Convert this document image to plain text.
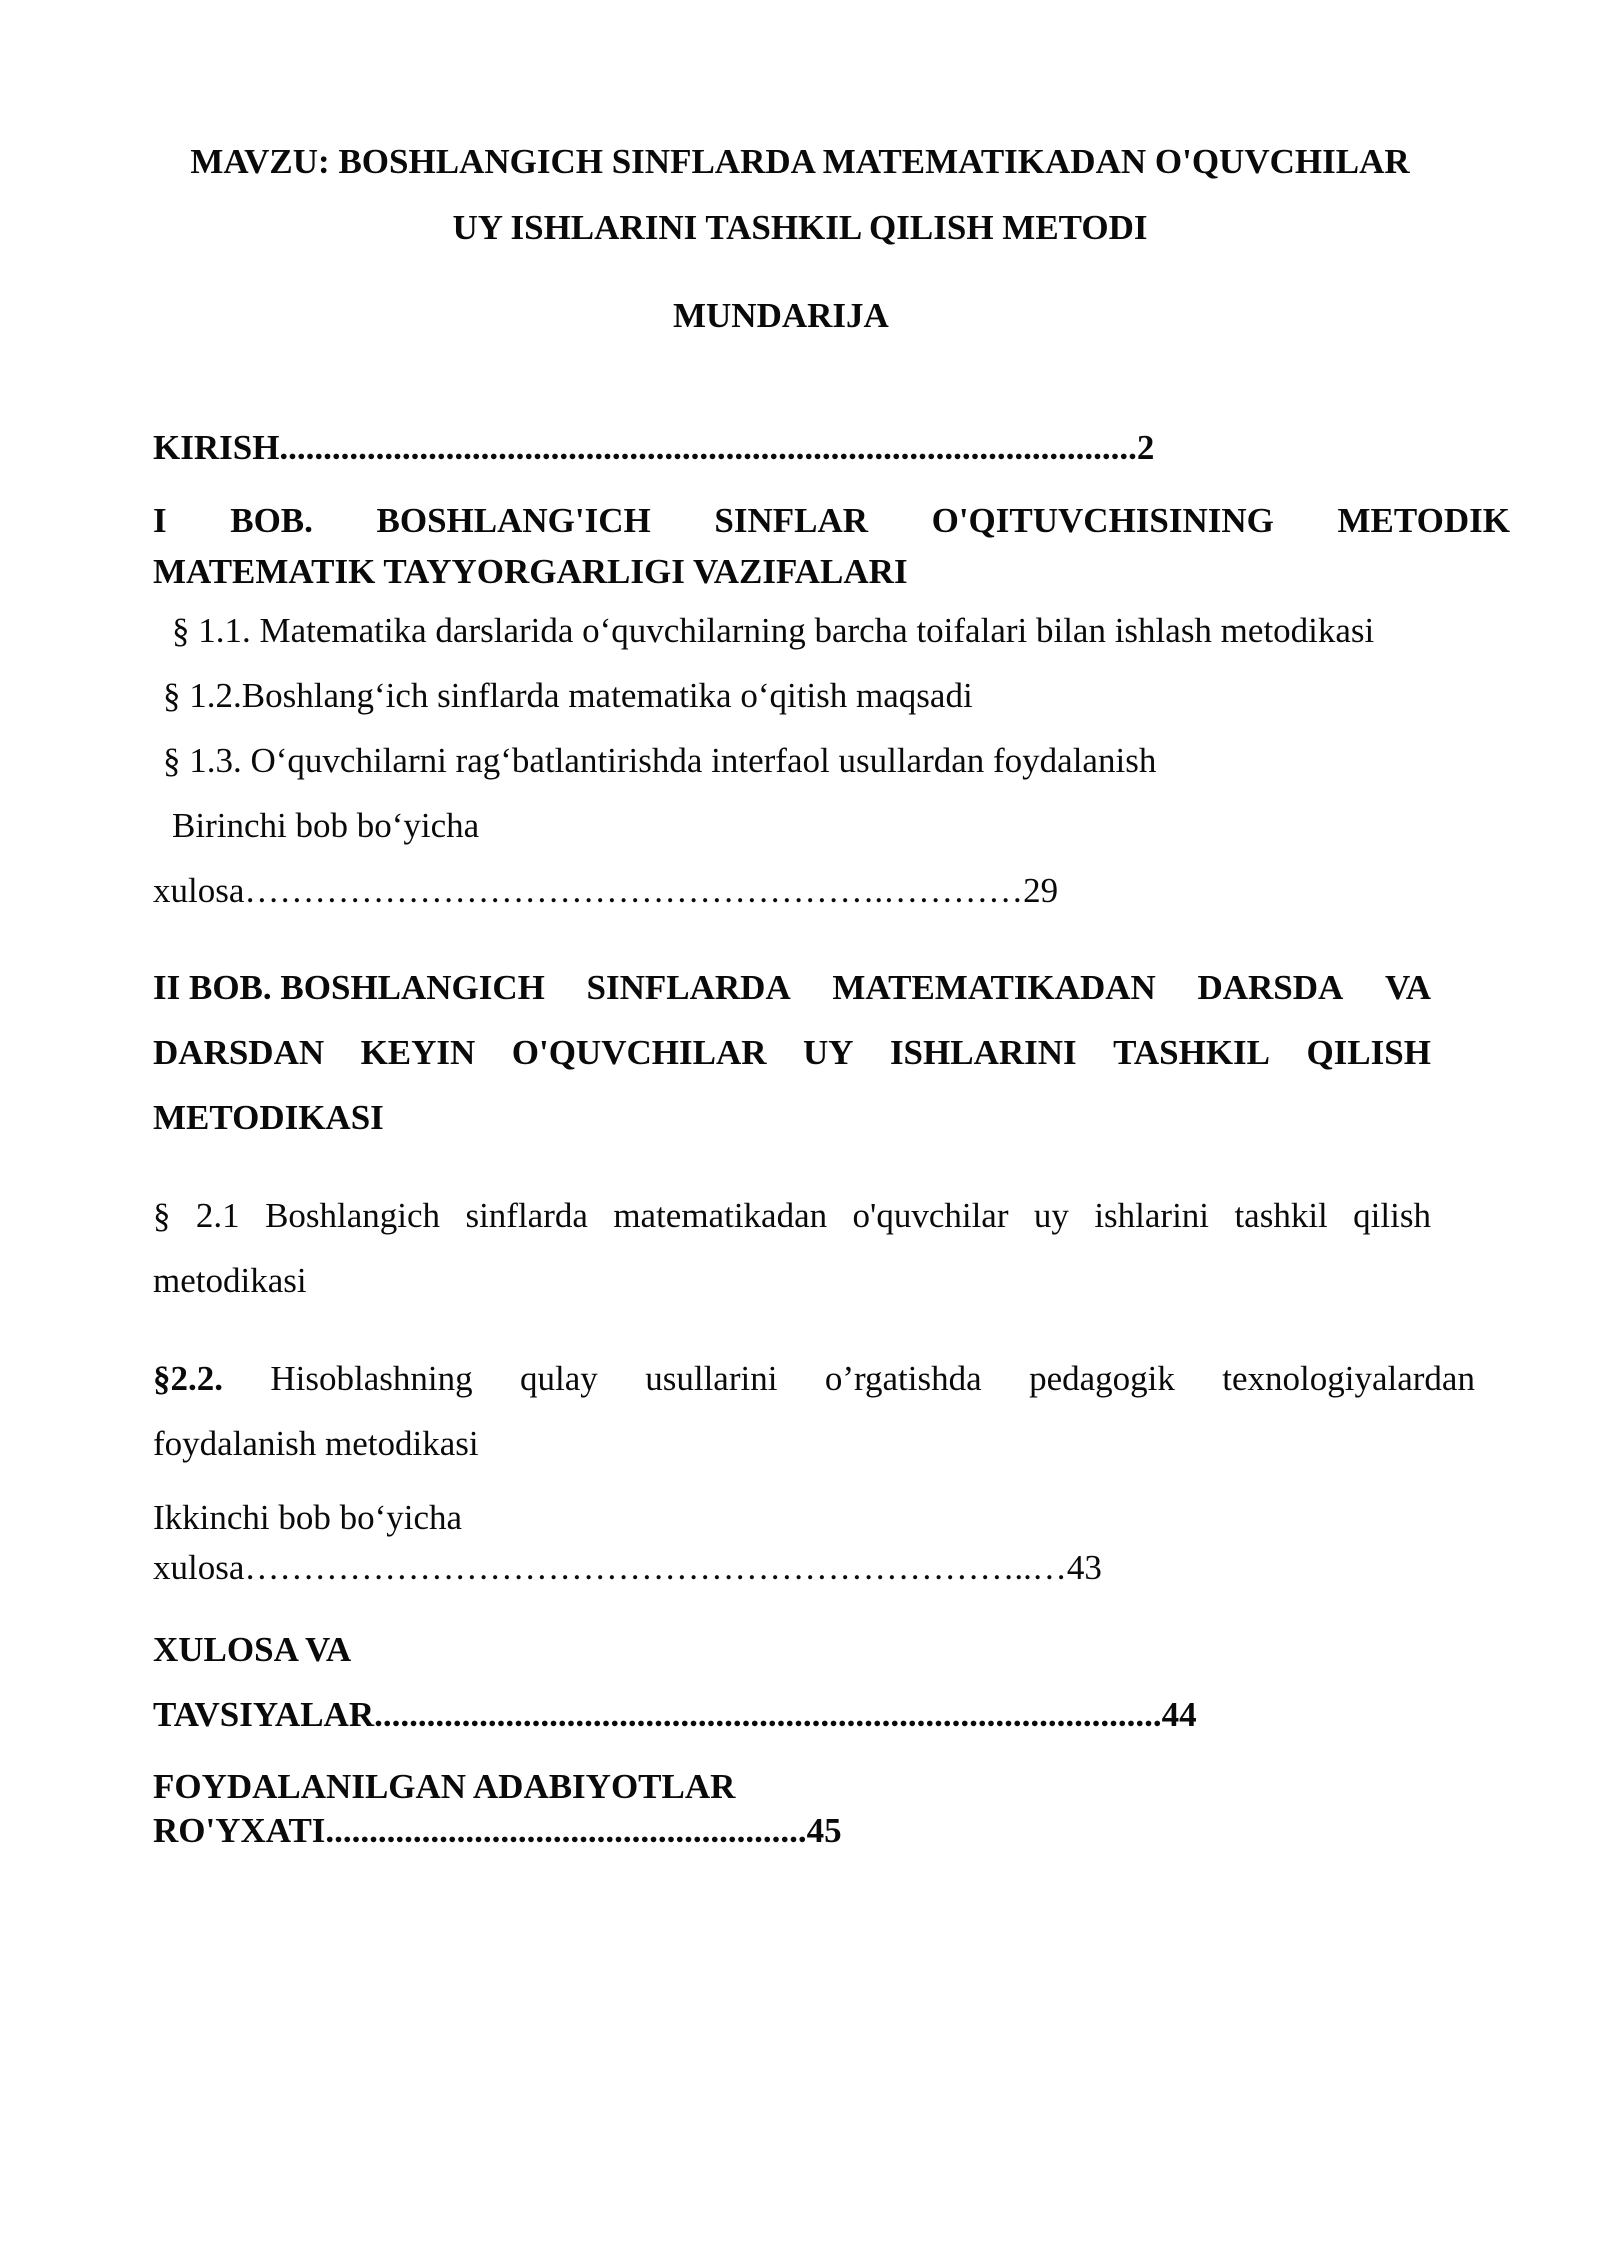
MAVZU: BOSHLANGICH SINFLARDA MATEMATIKADAN O'QUVCHILAR
UY ISHLARINI TASHKIL QILISH METODI
MUNDARIJA
KIRISH..................................................................................................2
I BOB. BOSHLANG'ICH SINFLAR O'QITUVCHISINING METODIK
MATEMATIK TAYYORGARLIGI VAZIFALARI
§ 1.1. Matematika darslarida o‘quvchilarning barcha toifalari bilan ishlash metodikasi
§ 1.2.Boshlang‘ich sinflarda matematika o‘qitish maqsadi
§ 1.3. O‘quvchilarni rag‘batlantirishda interfaol usullardan foydalanish
Birinchi bob bo‘yicha
xulosa……………………………………………….…………29
II BOB. BOSHLANGICH SINFLARDA MATEMATIKADAN DARSDA VA
DARSDAN KEYIN O'QUVCHILAR UY ISHLARINI TASHKIL QILISH
METODIKASI
§ 2.1 Boshlangich sinflarda matematikadan o'quvchilar uy ishlarini tashkil qilish
metodikasi
§2.2. Hisoblashning qulay usullarini o’rgatishda pedagogik texnologiyalardan
foydalanish metodikasi
Ikkinchi bob bo‘yicha
xulosa…………………………………………………………..…43
XULOSA VA
TAVSIYALAR..........................................................................................44
FOYDALANILGAN ADABIYOTLAR
RO'YXATI.......................................................45
